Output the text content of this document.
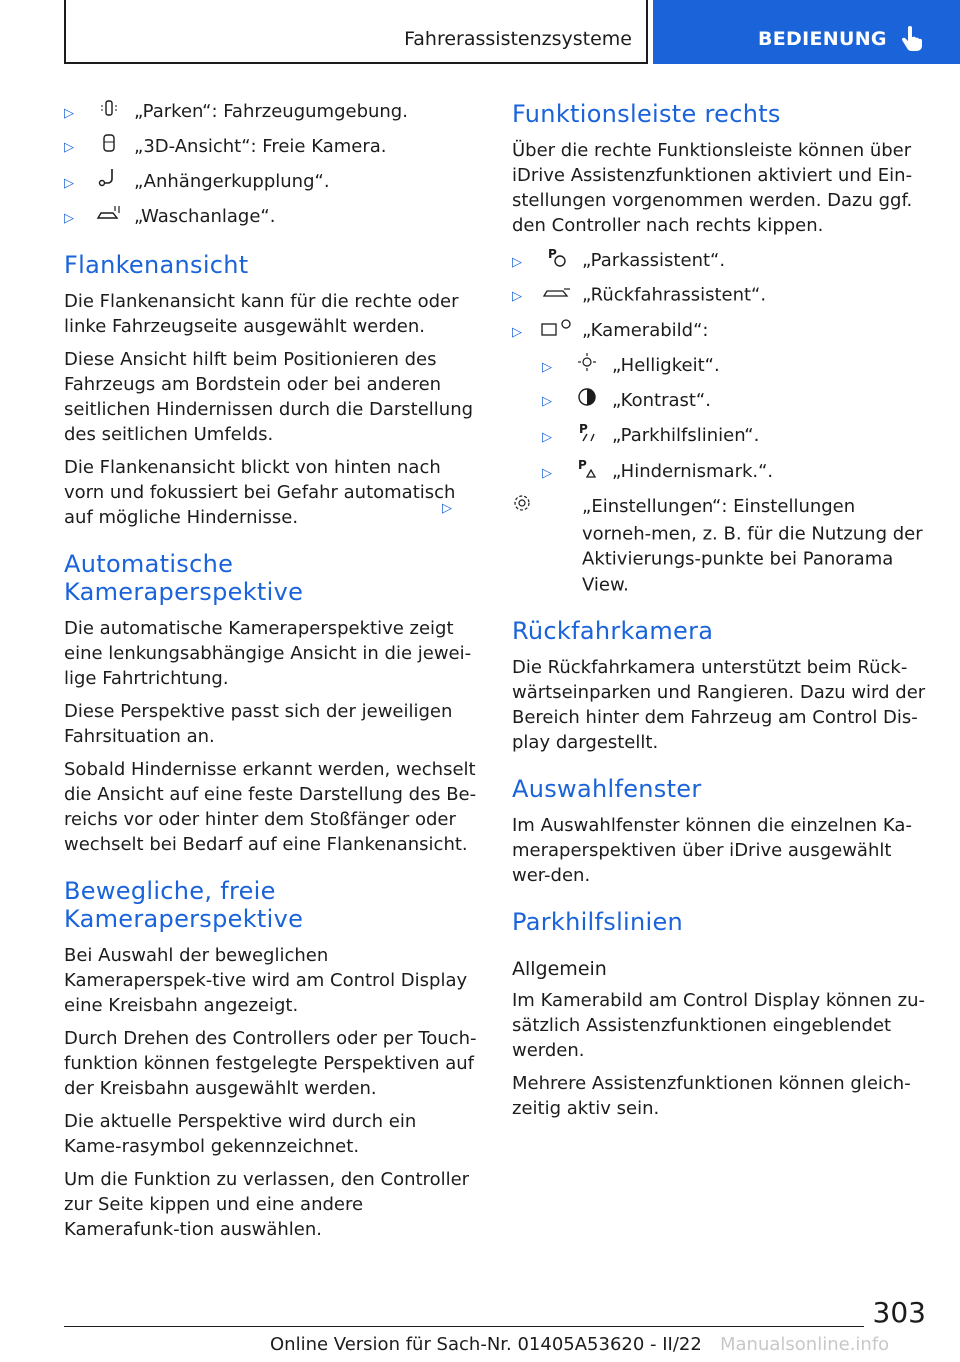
Fahrerassistenzsysteme	BEDIENUNG
▷	„Parken“: Fahrzeugumgebung.
▷	„3D-Ansicht“: Freie Kamera.
▷	„Anhängerkupplung“.
▷	„Waschanlage“.
Flankenansicht

Die Flankenansicht kann für die rechte oder linke Fahrzeugseite ausgewählt werden.

Diese Ansicht hilft beim Positionieren des Fahrzeugs am Bordstein oder bei anderen seitlichen Hindernissen durch die Darstellung des seitlichen Umfelds.

Die Flankenansicht blickt von hinten nach vorn und fokussiert bei Gefahr automatisch auf mögliche Hindernisse.

Automatische Kameraperspektive

Die automatische Kameraperspektive zeigt eine lenkungsabhängige Ansicht in die jewei-lige Fahrtrichtung.

Diese Perspektive passt sich der jeweiligen Fahrsituation an.

Sobald Hindernisse erkannt werden, wechselt die Ansicht auf eine feste Darstellung des Be-reichs vor oder hinter dem Stoßfänger oder wechselt bei Bedarf auf eine Flankenansicht.

Bewegliche, freie Kameraperspektive

Bei Auswahl der beweglichen Kameraperspek-tive wird am Control Display eine Kreisbahn angezeigt.

Durch Drehen des Controllers oder per Touch-funktion können festgelegte Perspektiven auf der Kreisbahn ausgewählt werden.

Die aktuelle Perspektive wird durch ein Kame-rasymbol gekennzeichnet.

Um die Funktion zu verlassen, den Controller zur Seite kippen und eine andere Kamerafunk-tion auswählen.

Funktionsleiste rechts

Über die rechte Funktionsleiste können über iDrive Assistenzfunktionen aktiviert und Ein-stellungen vorgenommen werden. Dazu ggf. den Controller nach rechts kippen.

▷
P „Parkassistent“.
▷	„Rückfahrassistent“.
▷	„Kamerabild“:
▷	„Helligkeit“.
▷	„Kontrast“.
▷
P „Parkhilfslinien“.
▷
P „Hindernismark.“.
▷	„Einstellungen“: Einstellungen vorneh-men, z. B. für die Nutzung der Aktivierungs-punkte bei Panorama View.
Rückfahrkamera

Die Rückfahrkamera unterstützt beim Rück-wärtseinparken und Rangieren. Dazu wird der Bereich hinter dem Fahrzeug am Control Dis-play dargestellt.

Auswahlfenster

Im Auswahlfenster können die einzelnen Ka-meraperspektiven über iDrive ausgewählt wer-den.

Parkhilfslinien
Allgemein

Im Kamerabild am Control Display können zu-sätzlich Assistenzfunktionen eingeblendet werden.

Mehrere Assistenzfunktionen können gleich-zeitig aktiv sein.

303
Online Version für Sach-Nr. 01405A53620 - II/22 Manualsonline.info
